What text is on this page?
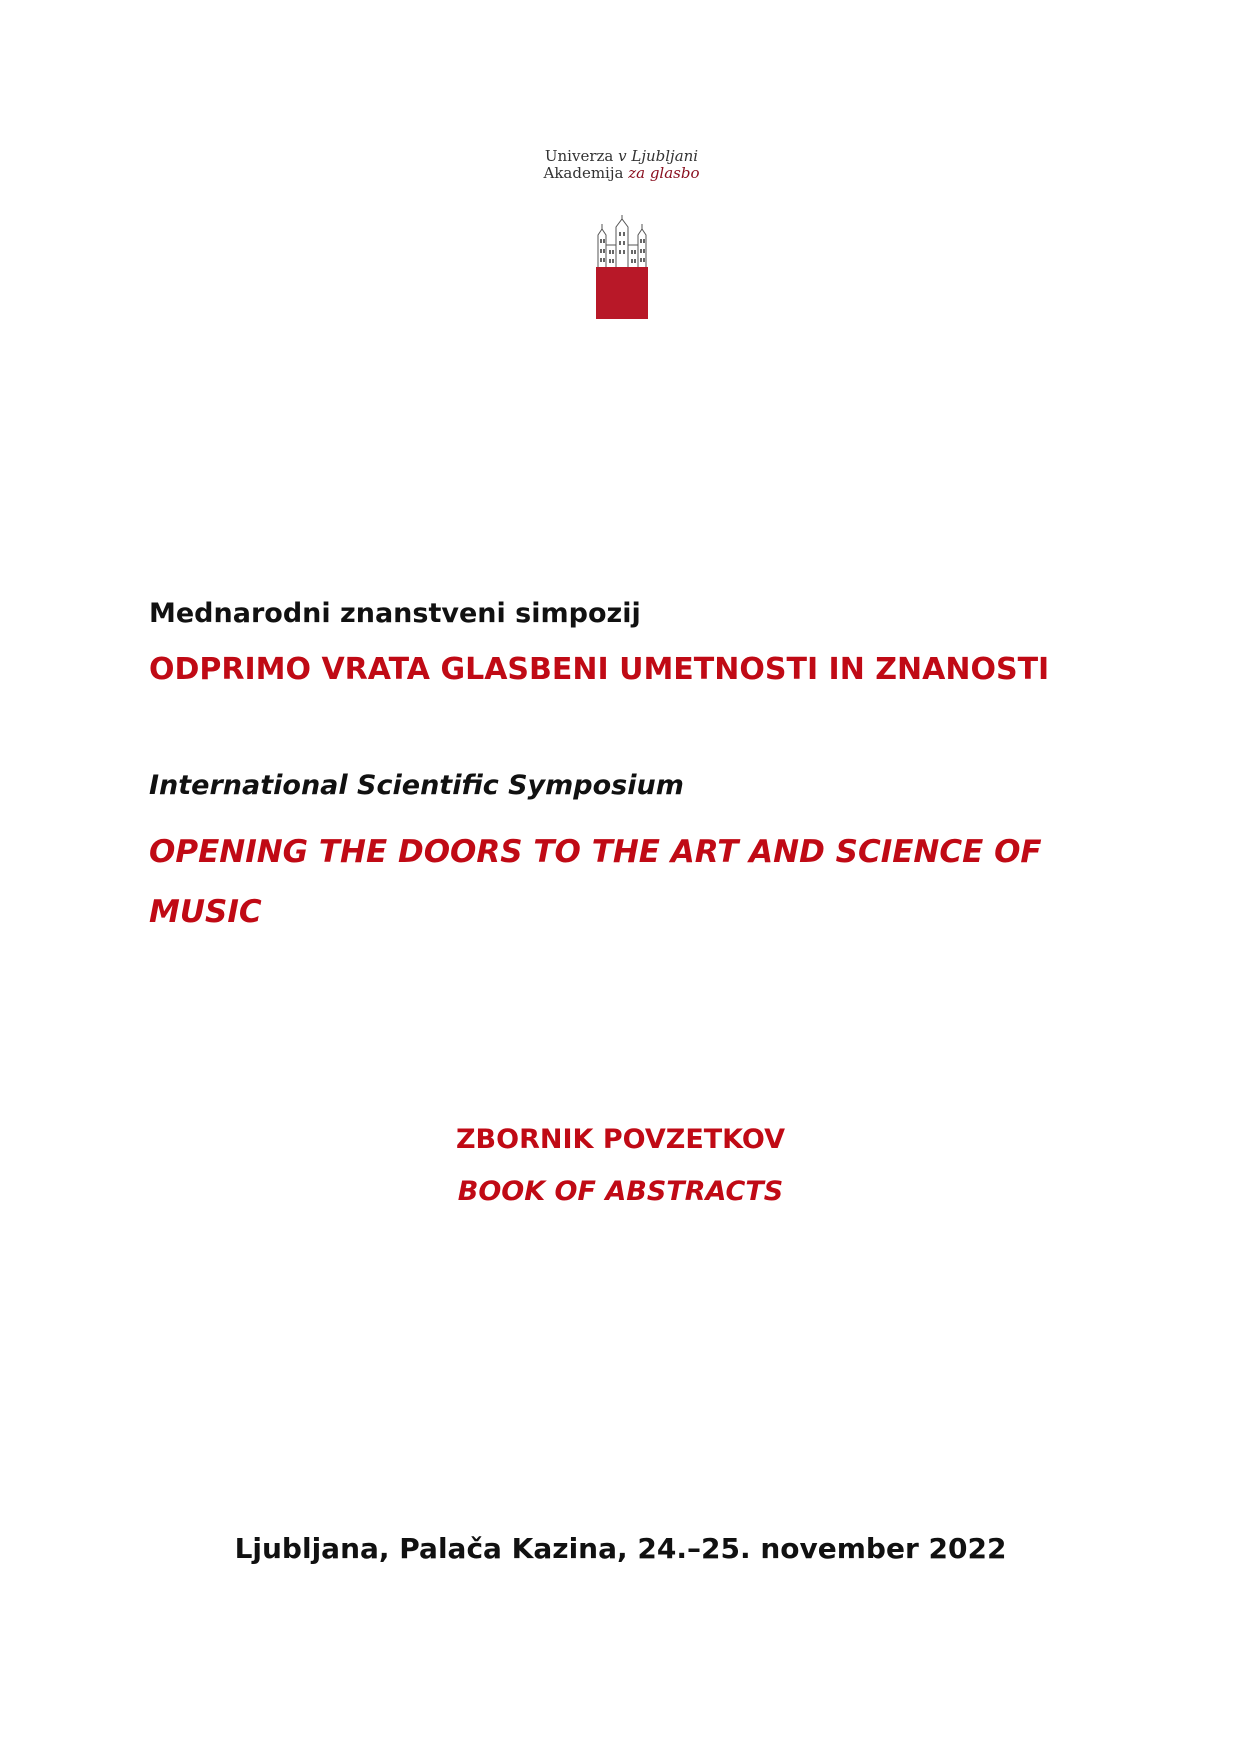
Univerza v Ljubljani
Akademija za glasbo
Mednarodni znanstveni simpozij
ODPRIMO VRATA GLASBENI UMETNOSTI IN ZNANOSTI
International Scientific Symposium
OPENING THE DOORS TO THE ART AND SCIENCE OF MUSIC
ZBORNIK POVZETKOV
BOOK OF ABSTRACTS
Ljubljana, Palača Kazina, 24.–25. november 2022
